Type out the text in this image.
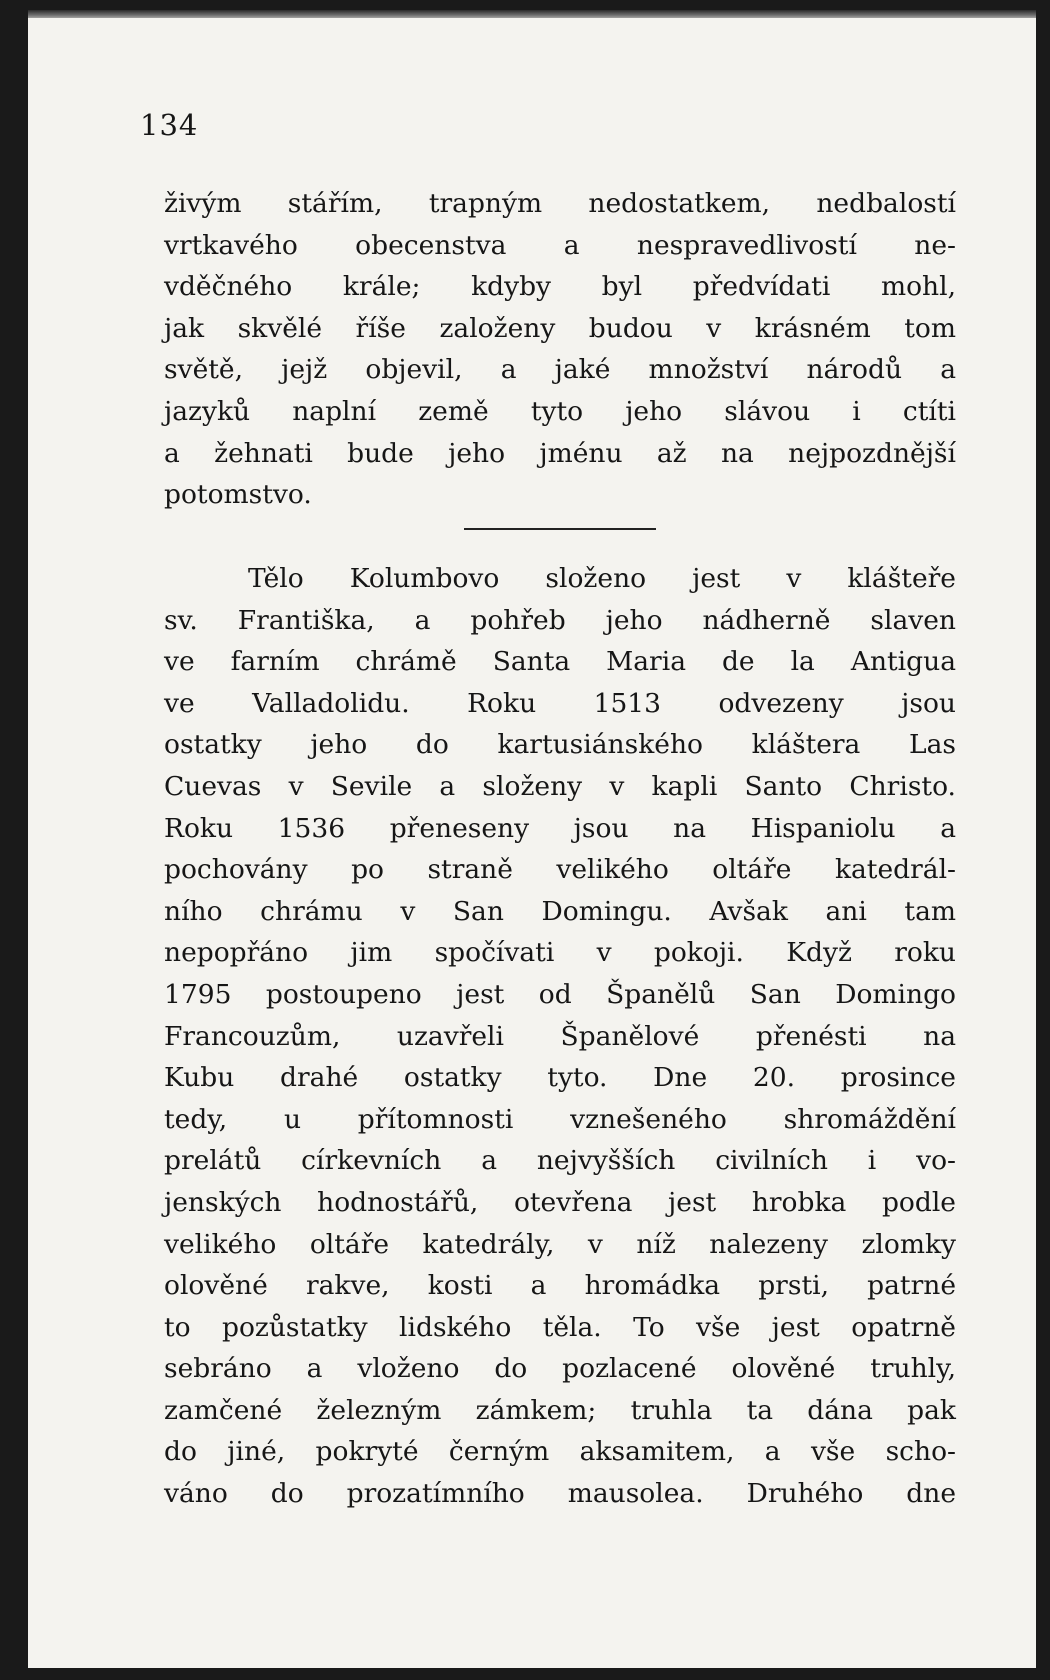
134
živým stářím, trapným nedostatkem, nedbalostí
vrtkavého obecenstva a nespravedlivostí ne-
vděčného krále; kdyby byl předvídati mohl,
jak skvělé říše založeny budou v krásném tom
světě, jejž objevil, a jaké množství národů a
jazyků naplní země tyto jeho slávou i ctíti
a žehnati bude jeho jménu až na nejpozdnější
potomstvo.
Tělo Kolumbovo složeno jest v klášteře
sv. Františka, a pohřeb jeho nádherně slaven
ve farním chrámě Santa Maria de la Antigua
ve Valladolidu. Roku 1513 odvezeny jsou
ostatky jeho do kartusiánského kláštera Las
Cuevas v Sevile a složeny v kapli Santo Christo.
Roku 1536 přeneseny jsou na Hispaniolu a
pochovány po straně velikého oltáře katedrál-
ního chrámu v San Domingu. Avšak ani tam
nepopřáno jim spočívati v pokoji. Když roku
1795 postoupeno jest od Španělů San Domingo
Francouzům, uzavřeli Španělové přenésti na
Kubu drahé ostatky tyto. Dne 20. prosince
tedy, u přítomnosti vznešeného shromáždění
prelátů církevních a nejvyšších civilních i vo-
jenských hodnostářů, otevřena jest hrobka podle
velikého oltáře katedrály, v níž nalezeny zlomky
olověné rakve, kosti a hromádka prsti, patrné
to pozůstatky lidského těla. To vše jest opatrně
sebráno a vloženo do pozlacené olověné truhly,
zamčené železným zámkem; truhla ta dána pak
do jiné, pokryté černým aksamitem, a vše scho-
váno do prozatímního mausolea. Druhého dne
